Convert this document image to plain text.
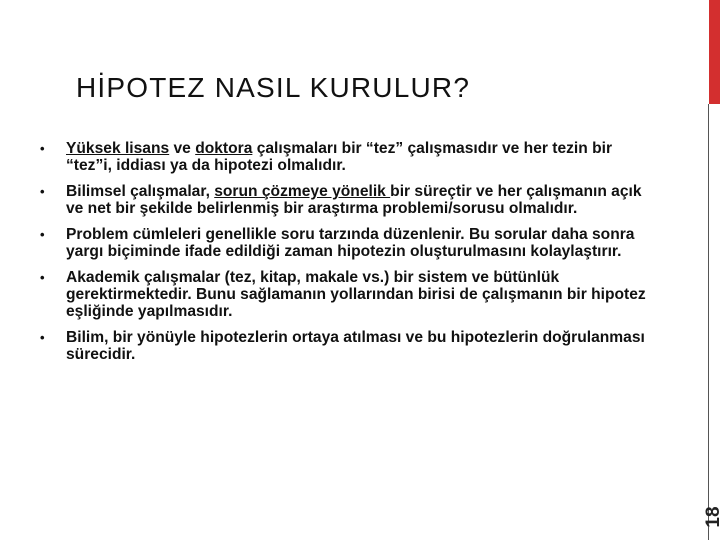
18
HİPOTEZ NASIL KURULUR?
• Yüksek lisans ve doktora çalışmaları bir “tez” çalışmasıdır ve her tezin bir “tez”i, iddiası ya da hipotezi olmalıdır.
• Bilimsel çalışmalar, sorun çözmeye yönelik bir süreçtir ve her çalışmanın açık ve net bir şekilde belirlenmiş bir araştırma problemi/sorusu olmalıdır.
• Problem cümleleri genellikle soru tarzında düzenlenir. Bu sorular daha sonra yargı biçiminde ifade edildiği zaman hipotezin oluşturulmasını kolaylaştırır.
• Akademik çalışmalar (tez, kitap, makale vs.) bir sistem ve bütünlük gerektirmektedir. Bunu sağlamanın yollarından birisi de çalışmanın bir hipotez eşliğinde yapılmasıdır.
• Bilim, bir yönüyle hipotezlerin ortaya atılması ve bu hipotezlerin doğrulanması sürecidir.
